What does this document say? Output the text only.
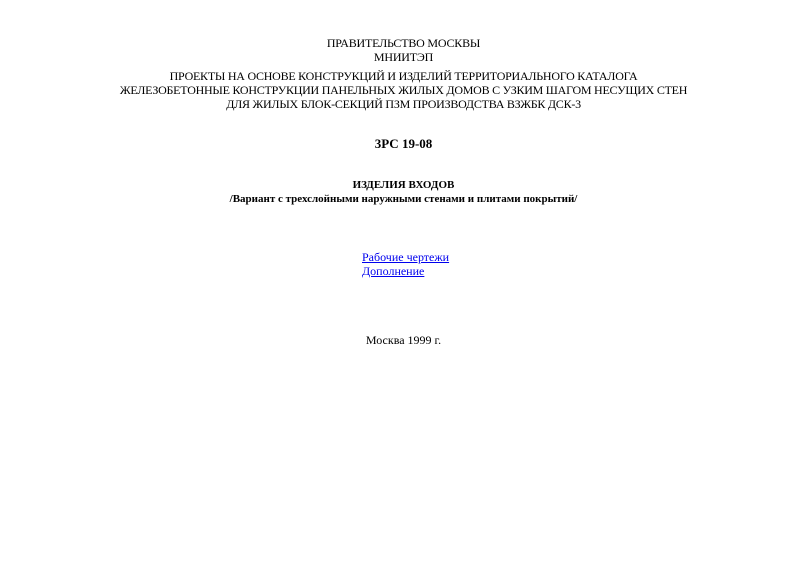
ПРАВИТЕЛЬСТВО МОСКВЫ
МНИИТЭП
ПРОЕКТЫ НА ОСНОВЕ КОНСТРУКЦИЙ И ИЗДЕЛИЙ ТЕРРИТОРИАЛЬНОГО КАТАЛОГА
ЖЕЛЕЗОБЕТОННЫЕ КОНСТРУКЦИИ ПАНЕЛЬНЫХ ЖИЛЫХ ДОМОВ С УЗКИМ ШАГОМ НЕСУЩИХ СТЕН
ДЛЯ ЖИЛЫХ БЛОК-СЕКЦИЙ ПЗМ ПРОИЗВОДСТВА ВЗЖБК ДСК-3
3РС 19-08
ИЗДЕЛИЯ ВХОДОВ
/Вариант с трехслойными наружными стенами и плитами покрытий/
Рабочие чертежи
Дополнение
Москва 1999 г.
